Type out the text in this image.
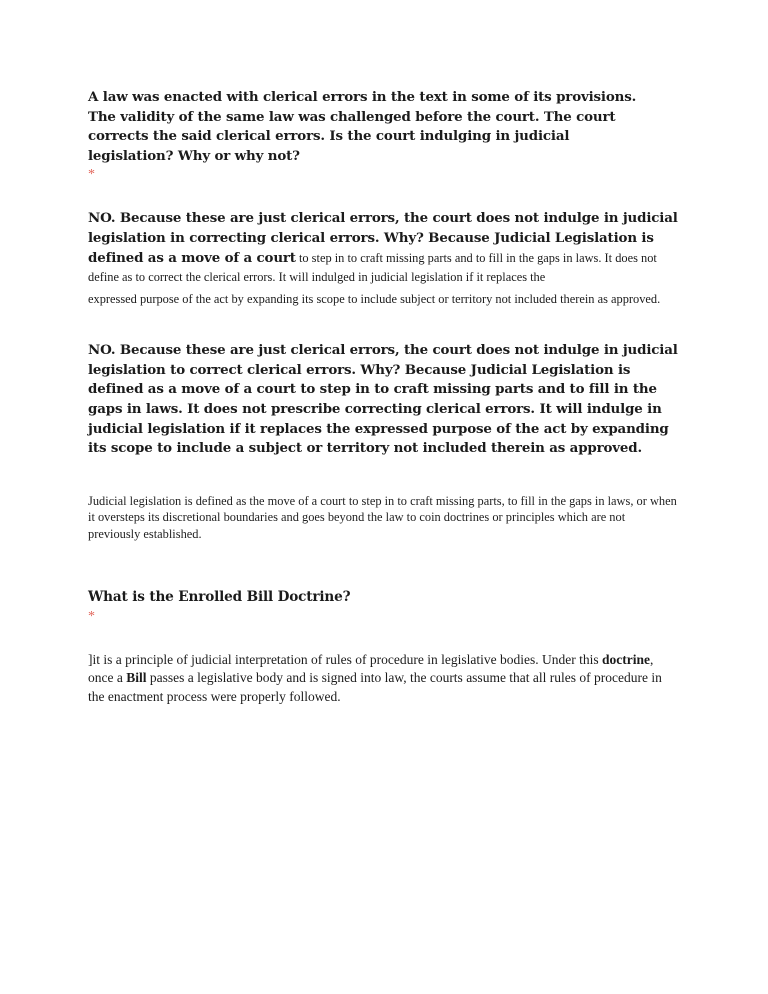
A law was enacted with clerical errors in the text in some of its provisions. The validity of the same law was challenged before the court. The court corrects the said clerical errors. Is the court indulging in judicial legislation? Why or why not?
*
NO. Because these are just clerical errors, the court does not indulge in judicial legislation in correcting clerical errors. Why? Because Judicial Legislation is defined as a move of a court to step in to craft missing parts and to fill in the gaps in laws. It does not define as to correct the clerical errors. It will indulged in judicial legislation if it replaces the
expressed purpose of the act by expanding its scope to include subject or territory not included therein as approved.
NO. Because these are just clerical errors, the court does not indulge in judicial legislation to correct clerical errors. Why? Because Judicial Legislation is defined as a move of a court to step in to craft missing parts and to fill in the gaps in laws. It does not prescribe correcting clerical errors. It will indulge in judicial legislation if it replaces the expressed purpose of the act by expanding its scope to include a subject or territory not included therein as approved.
Judicial legislation is defined as the move of a court to step in to craft missing parts, to fill in the gaps in laws, or when it oversteps its discretional boundaries and goes beyond the law to coin doctrines or principles which are not previously established.
What is the Enrolled Bill Doctrine?
*
]it is a principle of judicial interpretation of rules of procedure in legislative bodies. Under this doctrine, once a Bill passes a legislative body and is signed into law, the courts assume that all rules of procedure in the enactment process were properly followed.
